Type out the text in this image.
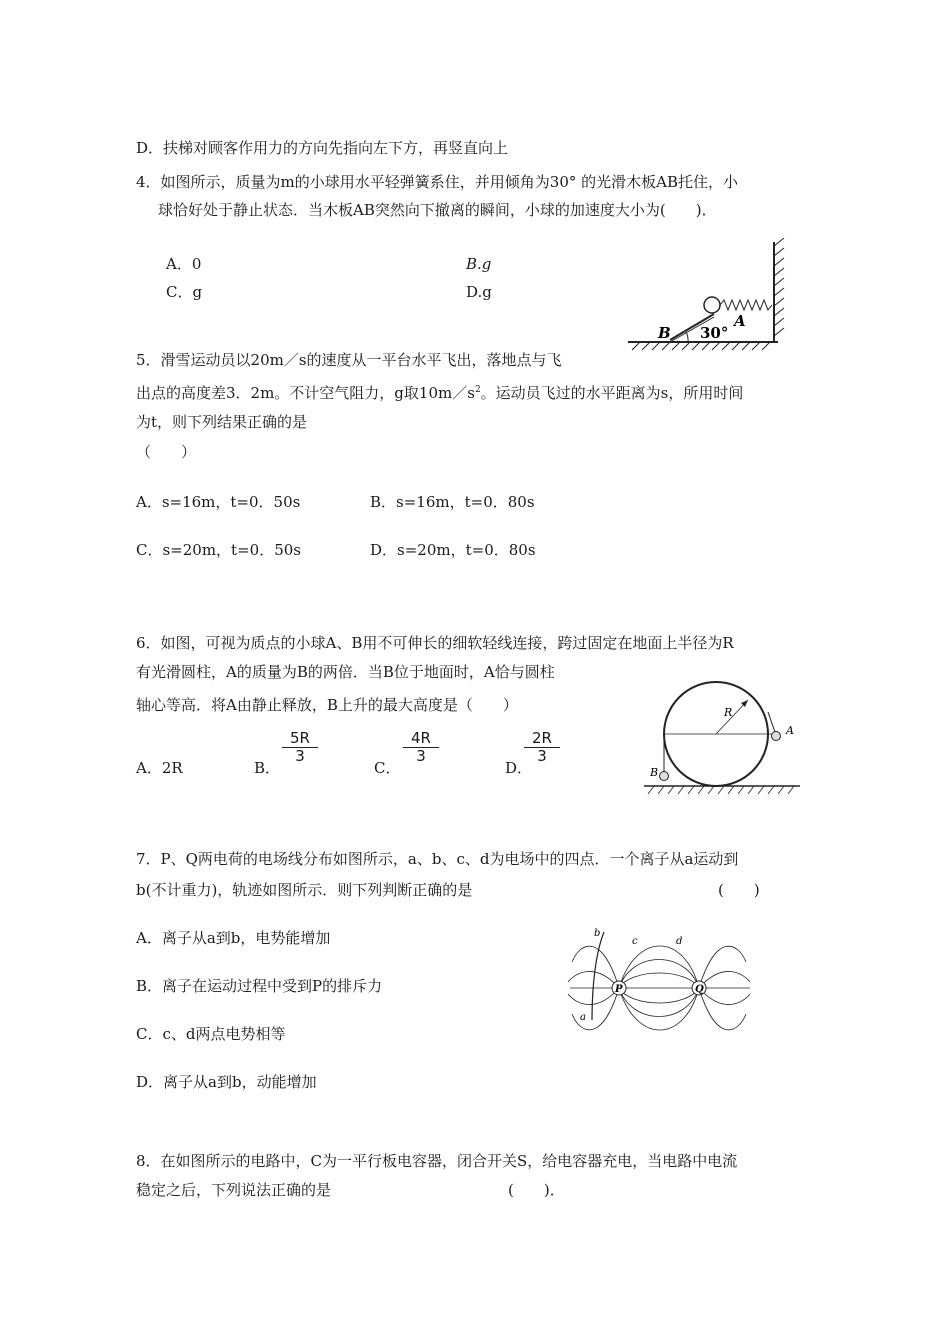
D．扶梯对顾客作用力的方向先指向左下方，再竖直向上
4．如图所示，质量为m的小球用水平轻弹簧系住，并用倾角为30° 的光滑木板AB托住，小
球恰好处于静止状态．当木板AB突然向下撤离的瞬间，小球的加速度大小为(　　)．
A．0	B.g
C．g	D.g
B
A
30°
5．滑雪运动员以20m／s的速度从一平台水平飞出，落地点与飞
出点的高度差3．2m。不计空气阻力，g取$10m/s^2$。运动员飞过的水平距离为s，所用时间
为t，则下列结果正确的是
（　　）
A．s=16m，t=0．50s	B．s=16m，t=0．80s
C．s=20m，t=0．50s	D．s=20m，t=0．80s
6．如图，可视为质点的小球A、B用不可伸长的细软轻线连接，跨过固定在地面上半径为R
有光滑圆柱，A的质量为B的两倍．当B位于地面时，A恰与圆柱
轴心等高．将A由静止释放，B上升的最大高度是（　　）
A．2R	B．
$\frac{5R}{3}$
C．
$\frac{4R}{3}$
D．
$\frac{2R}{3}$
R
A
B
7．P、Q两电荷的电场线分布如图所示，a、b、c、d为电场中的四点．一个离子从a运动到
b(不计重力)，轨迹如图所示．则下列判断正确的是	(　　)
A．离子从a到b，电势能增加
B．离子在运动过程中受到P的排斥力
C．c、d两点电势相等
D．离子从a到b，动能增加
P	Q
a
b
c	d
8．在如图所示的电路中，C为一平行板电容器，闭合开关S，给电容器充电，当电路中电流
稳定之后，下列说法正确的是	(　　)．
